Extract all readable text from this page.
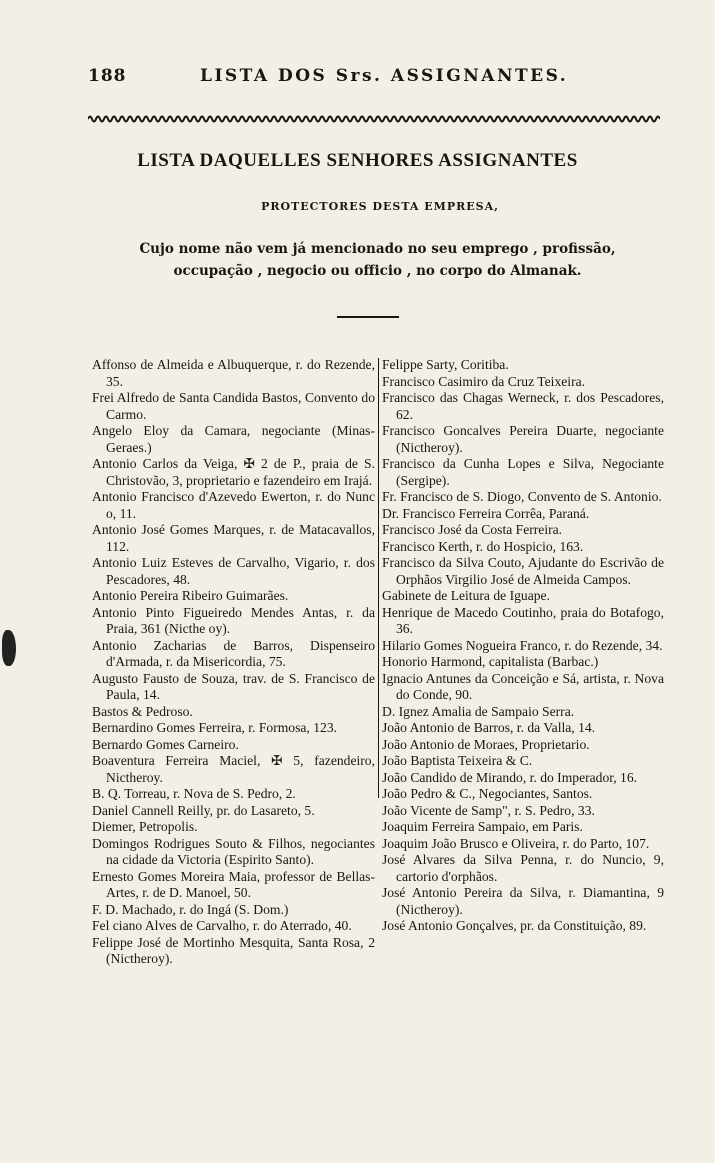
188	LISTA DOS Srs. ASSIGNANTES.
LISTA DAQUELLES SENHORES ASSIGNANTES
PROTECTORES DESTA EMPRESA,
Cujo nome não vem já mencionado no seu emprego , profissão, occupação , negocio ou officio , no corpo do Almanak.
Affonso de Almeida e Albuquerque, r. do Rezende, 35.
Frei Alfredo de Santa Candida Bastos, Convento do Carmo.
Angelo Eloy da Camara, negociante (Minas-Geraes.)
Antonio Carlos da Veiga, ✠ 2 de P., praia de S. Christovão, 3, proprietario e fazendeiro em Irajá.
Antonio Francisco d'Azevedo Ewerton, r. do Nunc o, 11.
Antonio José Gomes Marques, r. de Matacavallos, 112.
Antonio Luiz Esteves de Carvalho, Vigario, r. dos Pescadores, 48.
Antonio Pereira Ribeiro Guimarães.
Antonio Pinto Figueiredo Mendes Antas, r. da Praia, 361 (Nicthe oy).
Antonio Zacharias de Barros, Dispenseiro d'Armada, r. da Misericordia, 75.
Augusto Fausto de Souza, trav. de S. Francisco de Paula, 14.
Bastos & Pedroso.
Bernardino Gomes Ferreira, r. Formosa, 123.
Bernardo Gomes Carneiro.
Boaventura Ferreira Maciel, ✠ 5, fazendeiro, Nictheroy.
B. Q. Torreau, r. Nova de S. Pedro, 2.
Daniel Cannell Reilly, pr. do Lasareto, 5.
Diemer, Petropolis.
Domingos Rodrigues Souto & Filhos, negociantes na cidade da Victoria (Espirito Santo).
Ernesto Gomes Moreira Maia, professor de Bellas-Artes, r. de D. Manoel, 50.
F. D. Machado, r. do Ingá (S. Dom.)
Fel ciano Alves de Carvalho, r. do Aterrado, 40.
Felippe José de Mortinho Mesquita, Santa Rosa, 2 (Nictheroy).
Felippe Sarty, Coritiba.
Francisco Casimiro da Cruz Teixeira.
Francisco das Chagas Werneck, r. dos Pescadores, 62.
Francisco Goncalves Pereira Duarte, negociante (Nictheroy).
Francisco da Cunha Lopes e Silva, Negociante (Sergipe).
Fr. Francisco de S. Diogo, Convento de S. Antonio.
Dr. Francisco Ferreira Corrêa, Paraná.
Francisco José da Costa Ferreira.
Francisco Kerth, r. do Hospicio, 163.
Francisco da Silva Couto, Ajudante do Escrivão de Orphãos Virgilio José de Almeida Campos.
Gabinete de Leitura de Iguape.
Henrique de Macedo Coutinho, praia do Botafogo, 36.
Hilario Gomes Nogueira Franco, r. do Rezende, 34.
Honorio Harmond, capitalista (Barbac.)
Ignacio Antunes da Conceição e Sá, artista, r. Nova do Conde, 90.
D. Ignez Amalia de Sampaio Serra.
João Antonio de Barros, r. da Valla, 14.
João Antonio de Moraes, Proprietario.
João Baptista Teixeira & C.
João Candido de Mirando, r. do Imperador, 16.
João Pedro & C., Negociantes, Santos.
João Vicente de Samp", r. S. Pedro, 33.
Joaquim Ferreira Sampaio, em Paris.
Joaquim João Brusco e Oliveira, r. do Parto, 107.
José Alvares da Silva Penna, r. do Nuncio, 9, cartorio d'orphãos.
José Antonio Pereira da Silva, r. Diamantina, 9 (Nictheroy).
José Antonio Gonçalves, pr. da Constituição, 89.
